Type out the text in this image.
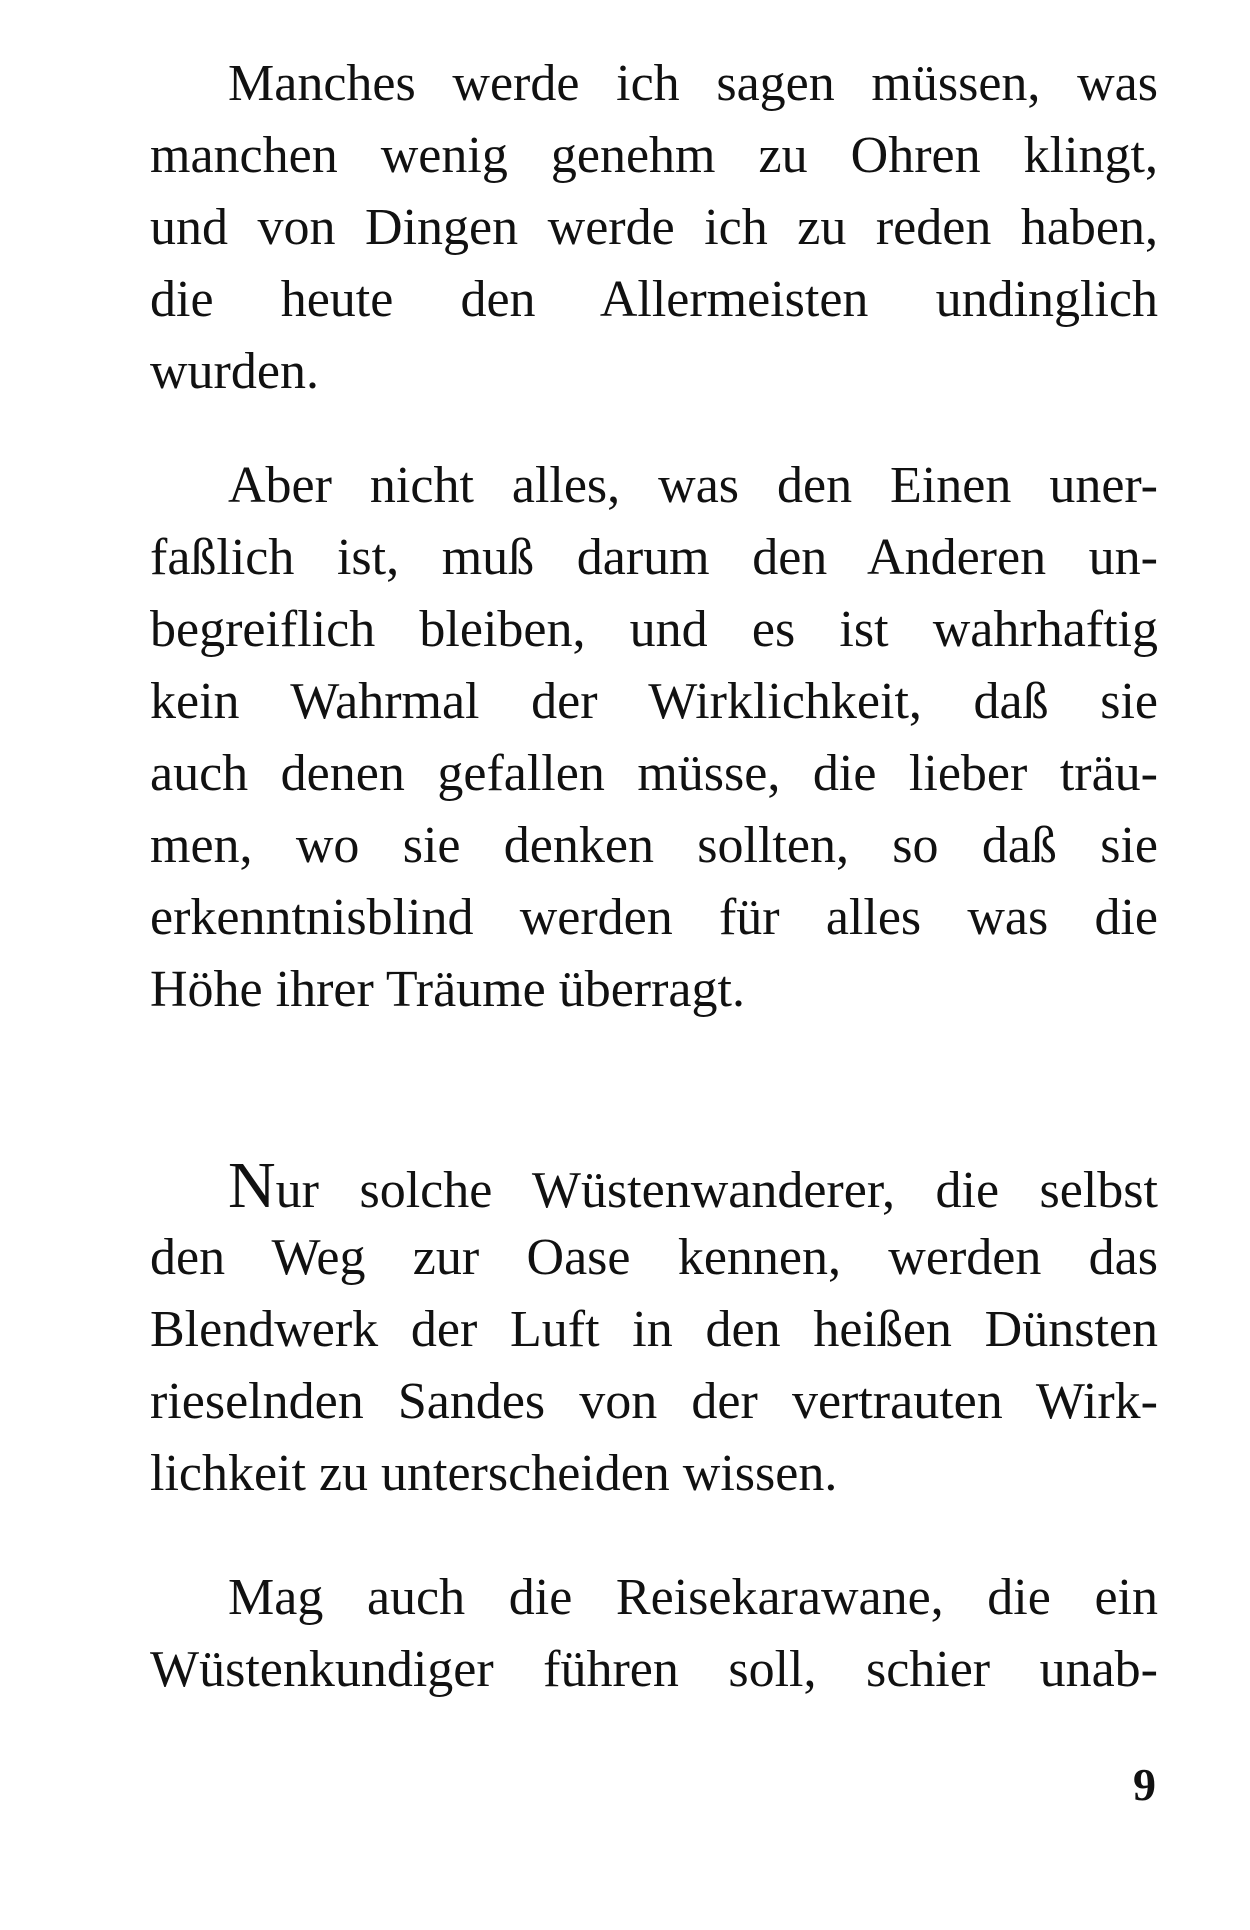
Manches werde ich sagen müssen, was
manchen wenig genehm zu Ohren klingt,
und von Dingen werde ich zu reden haben,
die heute den Allermeisten undinglich
wurden.
Aber nicht alles, was den Einen uner-
faßlich ist, muß darum den Anderen un-
begreiflich bleiben, und es ist wahrhaftig
kein Wahrmal der Wirklichkeit, daß sie
auch denen gefallen müsse, die lieber träu-
men, wo sie denken sollten, so daß sie
erkenntnisblind werden für alles was die
Höhe ihrer Träume überragt.
Nur solche Wüstenwanderer, die selbst
den Weg zur Oase kennen, werden das
Blendwerk der Luft in den heißen Dünsten
rieselnden Sandes von der vertrauten Wirk-
lichkeit zu unterscheiden wissen.
Mag auch die Reisekarawane, die ein
Wüstenkundiger führen soll, schier unab-
9
